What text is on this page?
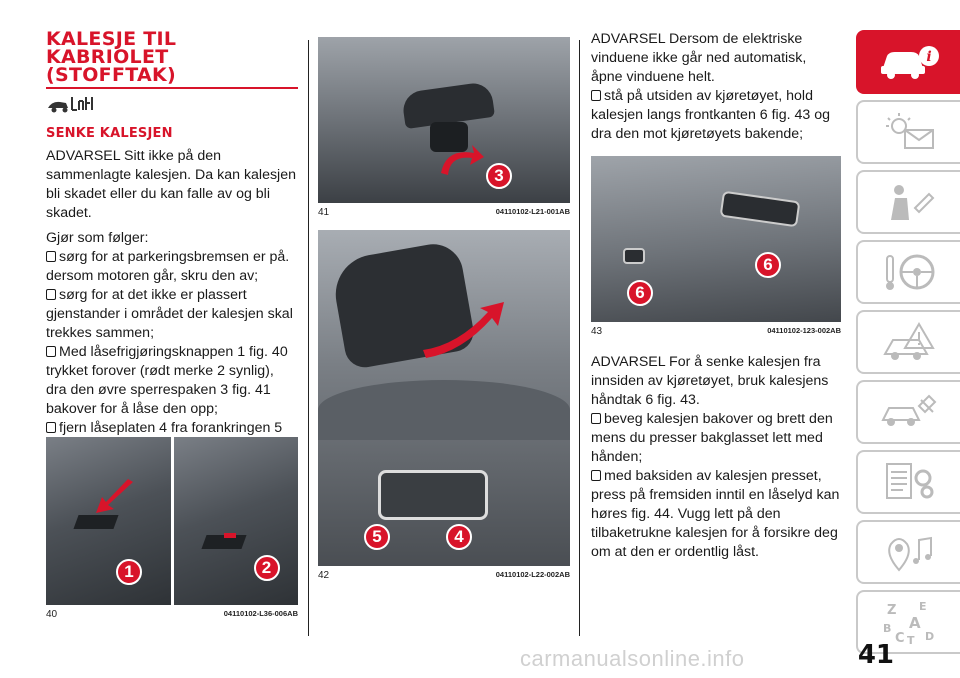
KALESJE TIL
KABRIOLET
(STOFFTAK)
SENKE KALESJEN

ADVARSEL Sitt ikke på den sammenlagte kalesjen. Da kan kalesjen bli skadet eller du kan falle av og bli skadet.

Gjør som følger:
sørg for at parkeringsbremsen er på. dersom motoren går, skru den av;
sørg for at det ikke er plassert gjenstander i området der kalesjen skal trekkes sammen;
Med låsefrigjøringsknappen 1 fig. 40 trykket forover (rødt merke 2 synlig), dra den øvre sperrespaken 3 fig. 41 bakover for å låse den opp;
fjern låseplaten 4 fra forankringen 5
1	2
40	04110102-L36-006AB
3
41	04110102-L21-001AB
5	4
42	04110102-L22-002AB
ADVARSEL Dersom de elektriske vinduene ikke går ned automatisk, åpne vinduene helt.
stå på utsiden av kjøretøyet, hold kalesjen langs frontkanten 6 fig. 43 og dra den mot kjøretøyets bakende;
6
6
43	04110102-123-002AB
ADVARSEL For å senke kalesjen fra innsiden av kjøretøyet, bruk kalesjens håndtak 6 fig. 43.
beveg kalesjen bakover og brett den mens du presser bakglasset lett med hånden;
med baksiden av kalesjen presset, press på fremsiden inntil en låselyd kan høres fig. 44. Vugg lett på den tilbaketrukne kalesjen for å forsikre deg om at den er ordentlig låst.
i
Z E
B A
C T D
41
carmanualsonline.info
